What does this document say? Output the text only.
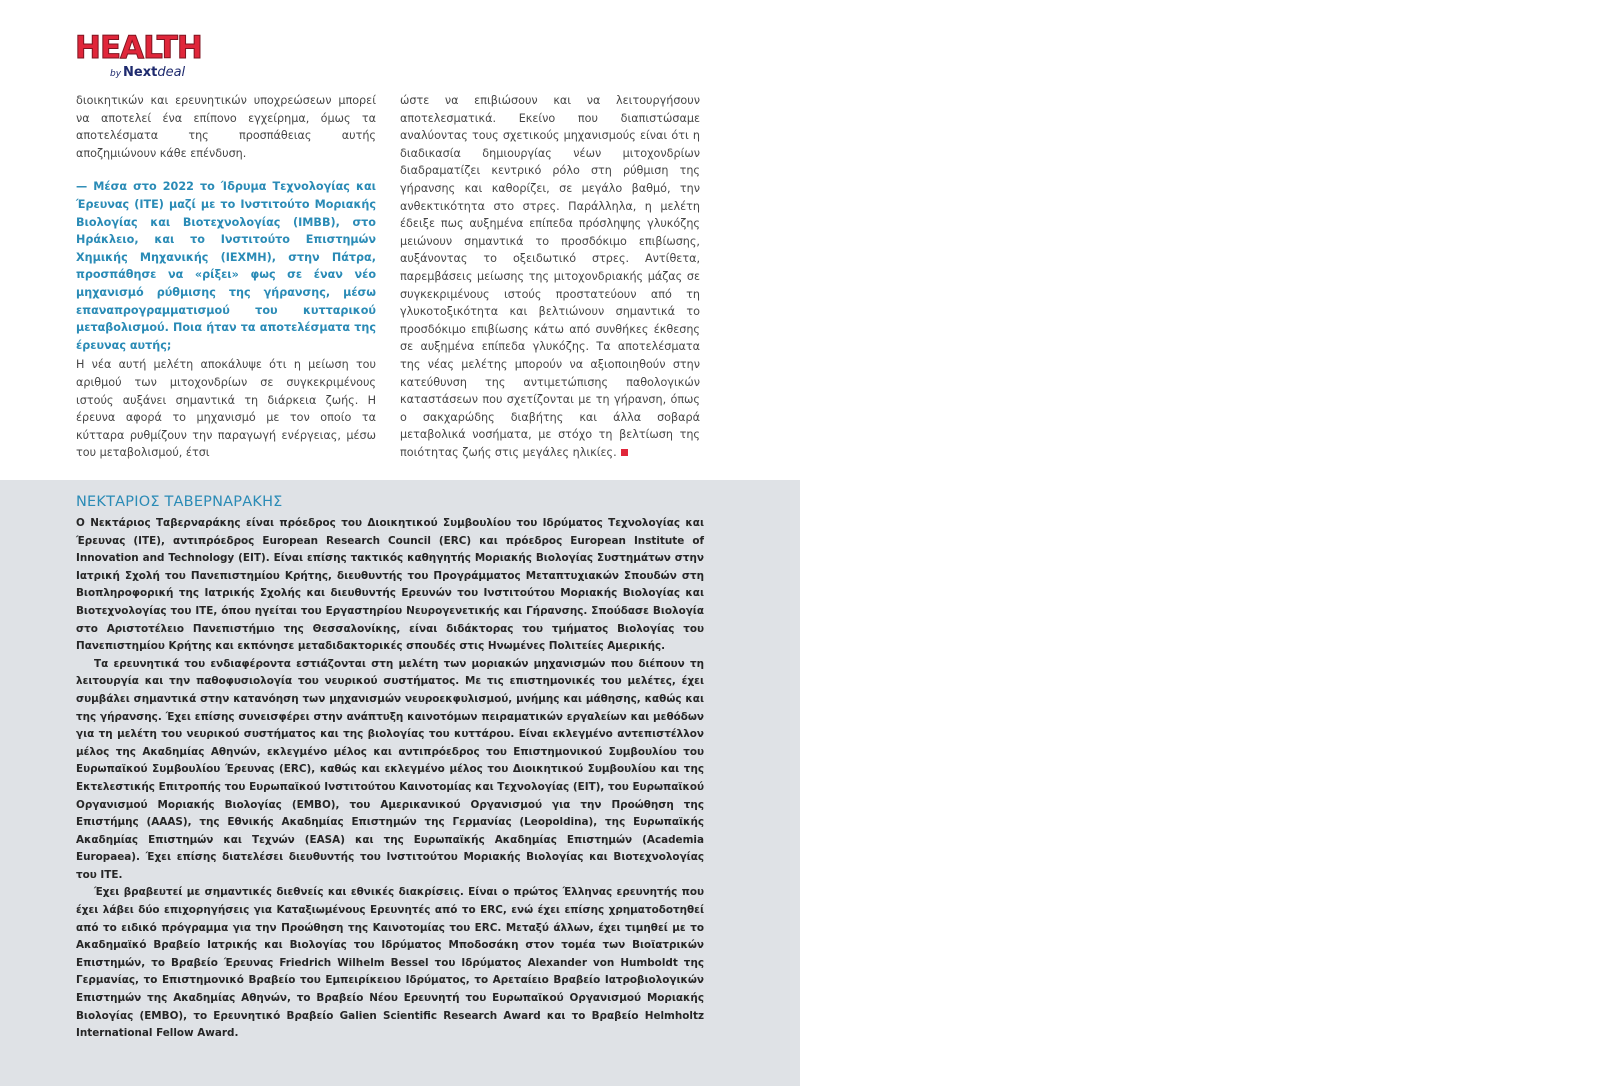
HEALTH
by Nextdeal

διοικητικών και ερευνητικών υποχρεώσεων μπορεί να αποτελεί ένα επίπονο εγχείρημα, όμως τα αποτελέσματα της προσπάθειας αυτής αποζημιώνουν κάθε επένδυση.

— Μέσα στο 2022 το Ίδρυμα Τεχνολογίας και Έρευνας (ΙΤΕ) μαζί με το Ινστιτούτο Μοριακής Βιολογίας και Βιοτεχνολογίας (IMBB), στο Ηράκλειο, και το Ινστιτούτο Επιστημών Χημικής Μηχανικής (ΙΕΧΜΗ), στην Πάτρα, προσπάθησε να «ρίξει» φως σε έναν νέο μηχανισμό ρύθμισης της γήρανσης, μέσω επαναπρογραμματισμού του κυτταρικού μεταβολισμού. Ποια ήταν τα αποτελέσματα της έρευνας αυτής;

Η νέα αυτή μελέτη αποκάλυψε ότι η μείωση του αριθμού των μιτοχονδρίων σε συγκεκριμένους ιστούς αυξάνει σημαντικά τη διάρκεια ζωής. Η έρευνα αφορά το μηχανισμό με τον οποίο τα κύτταρα ρυθμίζουν την παραγωγή ενέργειας, μέσω του μεταβολισμού, έτσι

ώστε να επιβιώσουν και να λειτουργήσουν αποτελεσματικά. Εκείνο που διαπιστώσαμε αναλύοντας τους σχετικούς μηχανισμούς είναι ότι η διαδικασία δημιουργίας νέων μιτοχονδρίων διαδραματίζει κεντρικό ρόλο στη ρύθμιση της γήρανσης και καθορίζει, σε μεγάλο βαθμό, την ανθεκτικότητα στο στρες. Παράλληλα, η μελέτη έδειξε πως αυξημένα επίπεδα πρόσληψης γλυκόζης μειώνουν σημαντικά το προσδόκιμο επιβίωσης, αυξάνοντας το οξειδωτικό στρες. Αντίθετα, παρεμβάσεις μείωσης της μιτοχονδριακής μάζας σε συγκεκριμένους ιστούς προστατεύουν από τη γλυκοτοξικότητα και βελτιώνουν σημαντικά το προσδόκιμο επιβίωσης κάτω από συνθήκες έκθεσης σε αυξημένα επίπεδα γλυκόζης. Τα αποτελέσματα της νέας μελέτης μπορούν να αξιοποιηθούν στην κατεύθυνση της αντιμετώπισης παθολογικών καταστάσεων που σχετίζονται με τη γήρανση, όπως ο σακχαρώδης διαβήτης και άλλα σοβαρά μεταβολικά νοσήματα, με στόχο τη βελτίωση της ποιότητας ζωής στις μεγάλες ηλικίες.

ΝΕΚΤΑΡΙΟΣ ΤΑΒΕΡΝΑΡΑΚΗΣ

Ο Νεκτάριος Ταβερναράκης είναι πρόεδρος του Διοικητικού Συμβουλίου του Ιδρύματος Τεχνολογίας και Έρευνας (ΙΤΕ), αντιπρόεδρος European Research Council (ERC) και πρόεδρος European Institute of Innovation and Technology (EIT). Είναι επίσης τακτικός καθηγητής Μοριακής Βιολογίας Συστημάτων στην Ιατρική Σχολή του Πανεπιστημίου Κρήτης, διευθυντής του Προγράμματος Μεταπτυχιακών Σπουδών στη Βιοπληροφορική της Ιατρικής Σχολής και διευθυντής Ερευνών του Ινστιτούτου Μοριακής Βιολογίας και Βιοτεχνολογίας του ΙΤΕ, όπου ηγείται του Εργαστηρίου Νευρογενετικής και Γήρανσης. Σπούδασε Βιολογία στο Αριστοτέλειο Πανεπιστήμιο της Θεσσαλονίκης, είναι διδάκτορας του τμήματος Βιολογίας του Πανεπιστημίου Κρήτης και εκπόνησε μεταδιδακτορικές σπουδές στις Ηνωμένες Πολιτείες Αμερικής.

Τα ερευνητικά του ενδιαφέροντα εστιάζονται στη μελέτη των μοριακών μηχανισμών που διέπουν τη λειτουργία και την παθοφυσιολογία του νευρικού συστήματος. Με τις επιστημονικές του μελέτες, έχει συμβάλει σημαντικά στην κατανόηση των μηχανισμών νευροεκφυλισμού, μνήμης και μάθησης, καθώς και της γήρανσης. Έχει επίσης συνεισφέρει στην ανάπτυξη καινοτόμων πειραματικών εργαλείων και μεθόδων για τη μελέτη του νευρικού συστήματος και της βιολογίας του κυττάρου. Είναι εκλεγμένο αντεπιστέλλον μέλος της Ακαδημίας Αθηνών, εκλεγμένο μέλος και αντιπρόεδρος του Επιστημονικού Συμβουλίου του Ευρωπαϊκού Συμβουλίου Έρευνας (ERC), καθώς και εκλεγμένο μέλος του Διοικητικού Συμβουλίου και της Εκτελεστικής Επιτροπής του Ευρωπαϊκού Ινστιτούτου Καινοτομίας και Τεχνολογίας (EIT), του Ευρωπαϊκού Οργανισμού Μοριακής Βιολογίας (EMBO), του Αμερικανικού Οργανισμού για την Προώθηση της Επιστήμης (AAAS), της Εθνικής Ακαδημίας Επιστημών της Γερμανίας (Leopoldina), της Ευρωπαϊκής Ακαδημίας Επιστημών και Τεχνών (EASA) και της Ευρωπαϊκής Ακαδημίας Επιστημών (Academia Europaea). Έχει επίσης διατελέσει διευθυντής του Ινστιτούτου Μοριακής Βιολογίας και Βιοτεχνολογίας του ΙΤΕ.

Έχει βραβευτεί με σημαντικές διεθνείς και εθνικές διακρίσεις. Είναι ο πρώτος Έλληνας ερευνητής που έχει λάβει δύο επιχορηγήσεις για Καταξιωμένους Ερευνητές από το ERC, ενώ έχει επίσης χρηματοδοτηθεί από το ειδικό πρόγραμμα για την Προώθηση της Καινοτομίας του ERC. Μεταξύ άλλων, έχει τιμηθεί με το Ακαδημαϊκό Βραβείο Ιατρικής και Βιολογίας του Ιδρύματος Μποδοσάκη στον τομέα των Βιοϊατρικών Επιστημών, το Βραβείο Έρευνας Friedrich Wilhelm Bessel του Ιδρύματος Alexander von Humboldt της Γερμανίας, το Επιστημονικό Βραβείο του Εμπειρίκειου Ιδρύματος, το Αρεταίειο Βραβείο Ιατροβιολογικών Επιστημών της Ακαδημίας Αθηνών, το Βραβείο Νέου Ερευνητή του Ευρωπαϊκού Οργανισμού Μοριακής Βιολογίας (EMBO), το Ερευνητικό Βραβείο Galien Scientific Research Award και το Βραβείο Helmholtz International Fellow Award.
